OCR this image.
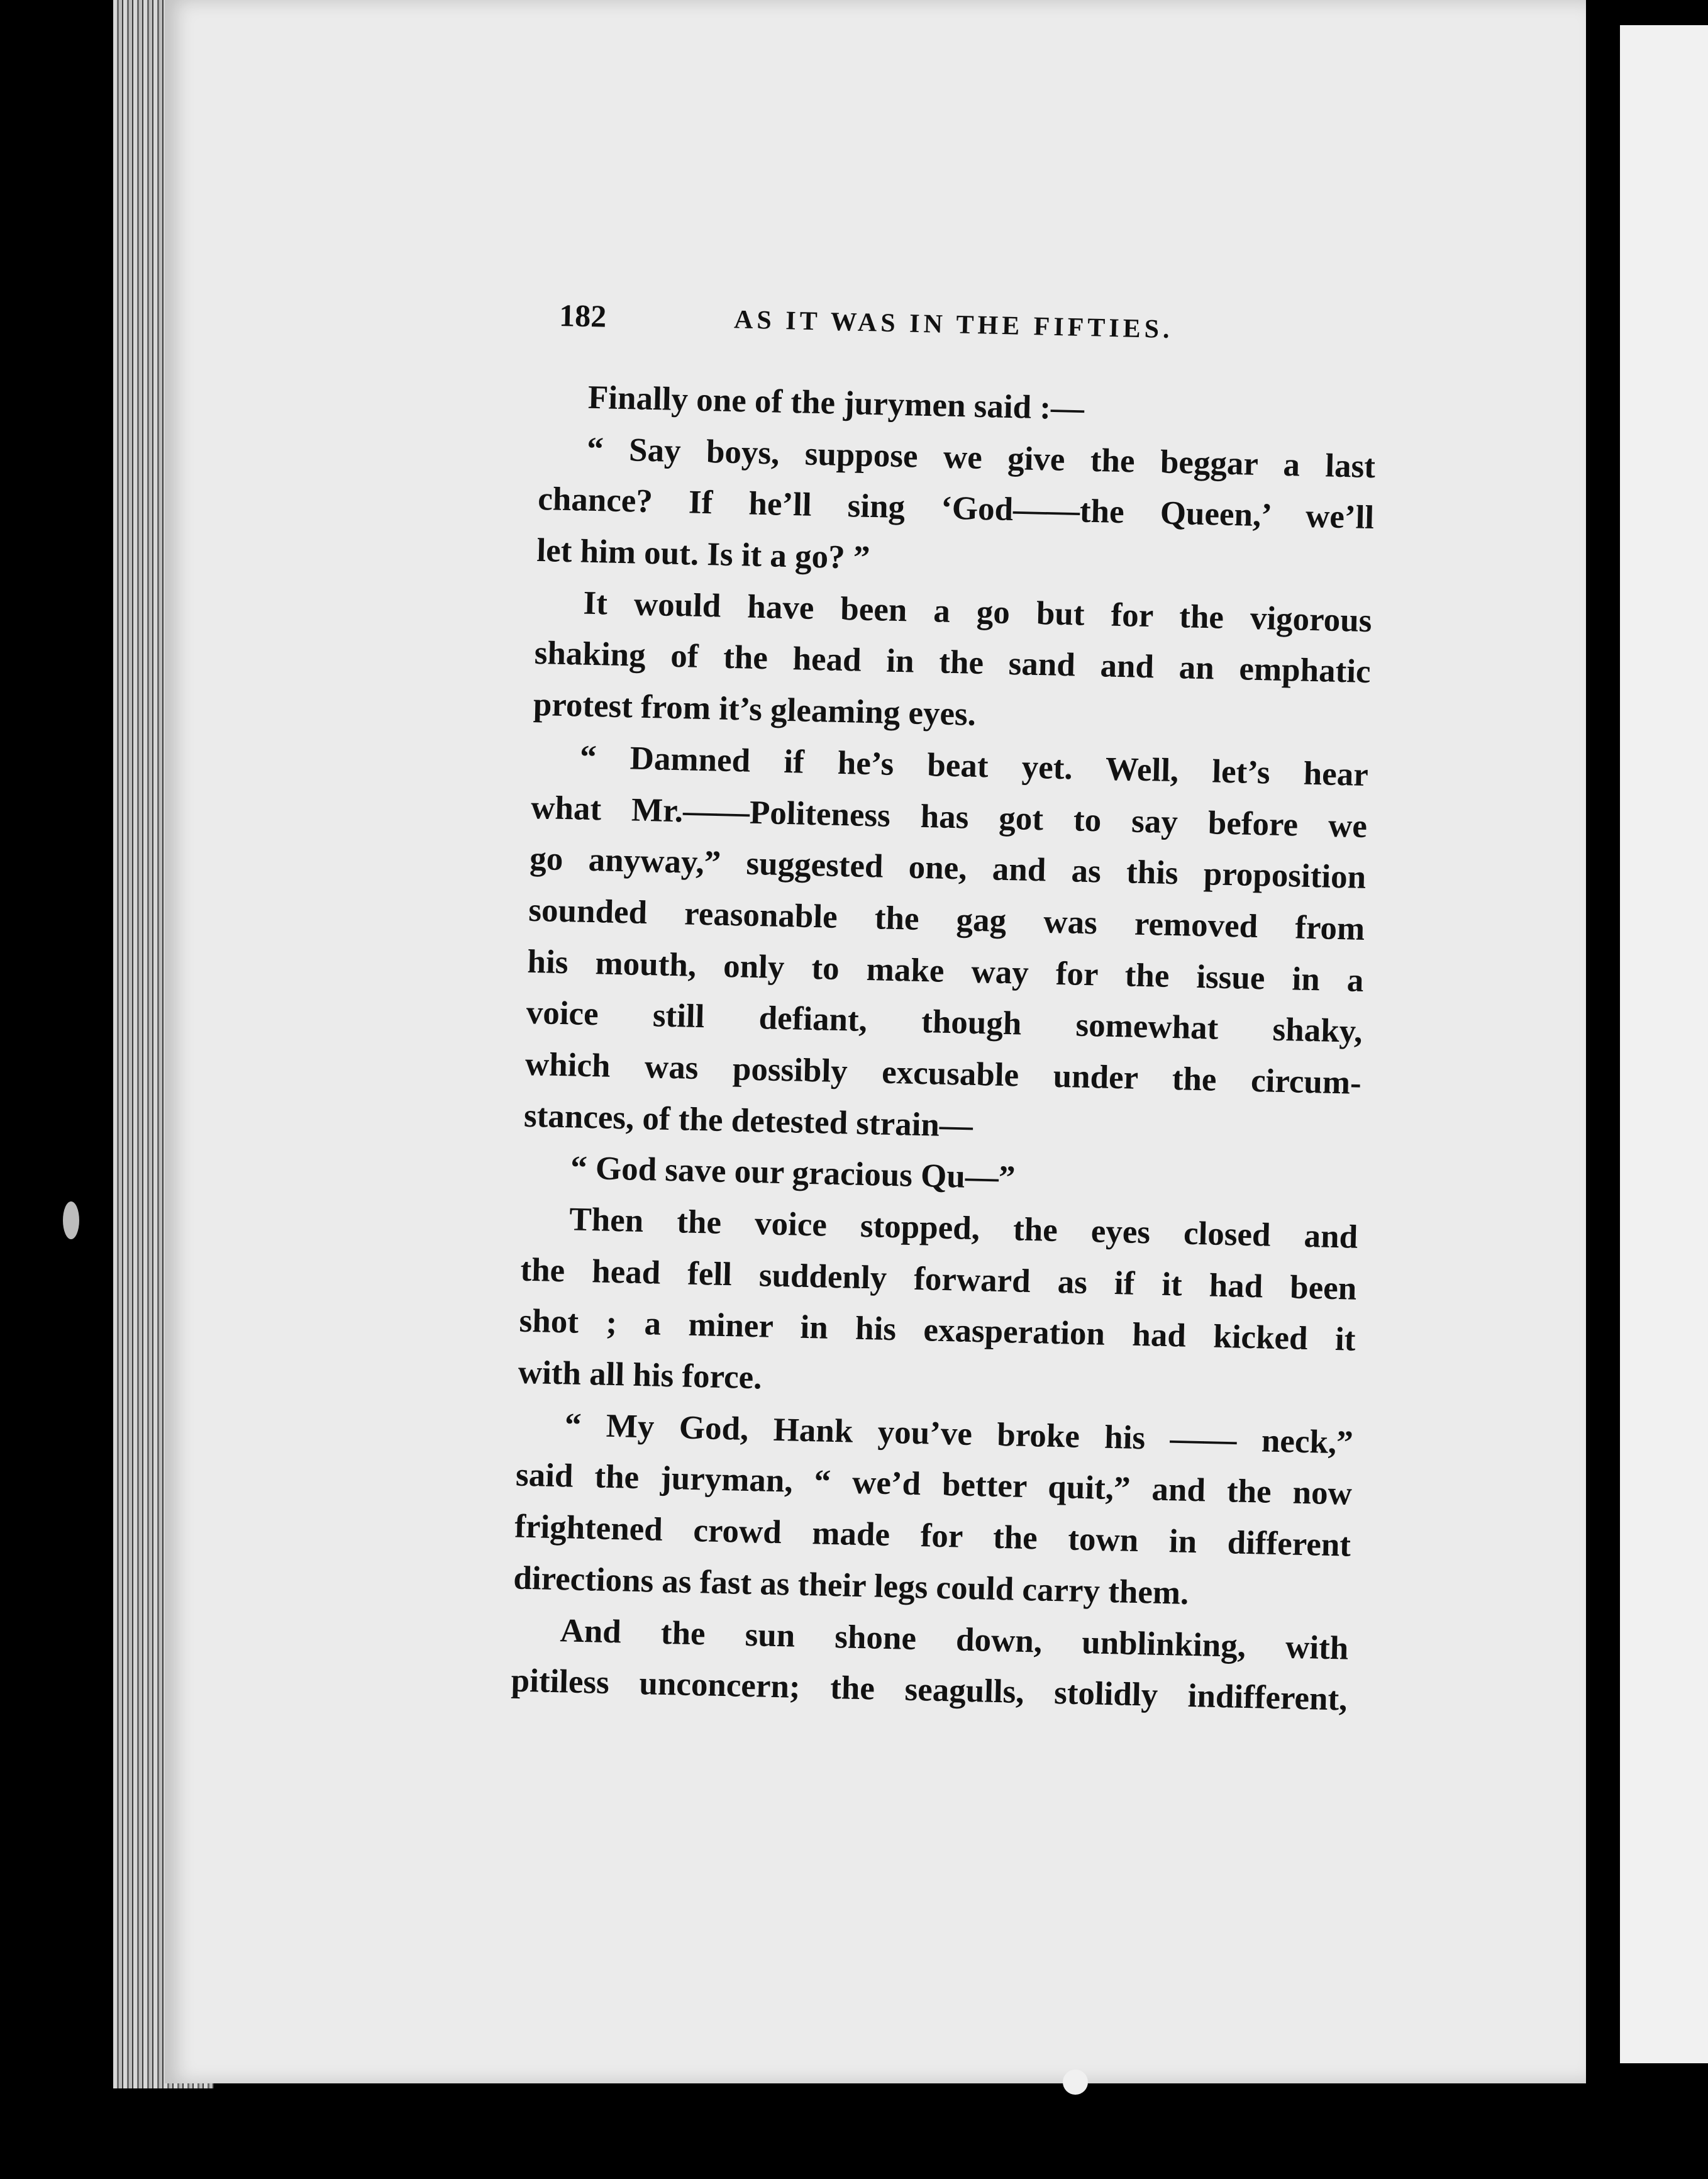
182	AS IT WAS IN THE FIFTIES.
Finally one of the jurymen said :—
“ Say boys, suppose we give the beggar a last
chance? If he’ll sing ‘God——the Queen,’ we’ll
let him out. Is it a go? ”
It would have been a go but for the vigorous
shaking of the head in the sand and an emphatic
protest from it’s gleaming eyes.
“ Damned if he’s beat yet. Well, let’s hear
what Mr.——Politeness has got to say before we
go anyway,” suggested one, and as this proposition
sounded reasonable the gag was removed from
his mouth, only to make way for the issue in a
voice still defiant, though somewhat shaky,
which was possibly excusable under the circum-
stances, of the detested strain—
“ God save our gracious Qu—”
Then the voice stopped, the eyes closed and
the head fell suddenly forward as if it had been
shot ; a miner in his exasperation had kicked it
with all his force.
“ My God, Hank you’ve broke his —— neck,”
said the juryman, “ we’d better quit,” and the now
frightened crowd made for the town in different
directions as fast as their legs could carry them.
And the sun shone down, unblinking, with
pitiless unconcern; the seagulls, stolidly indifferent,
